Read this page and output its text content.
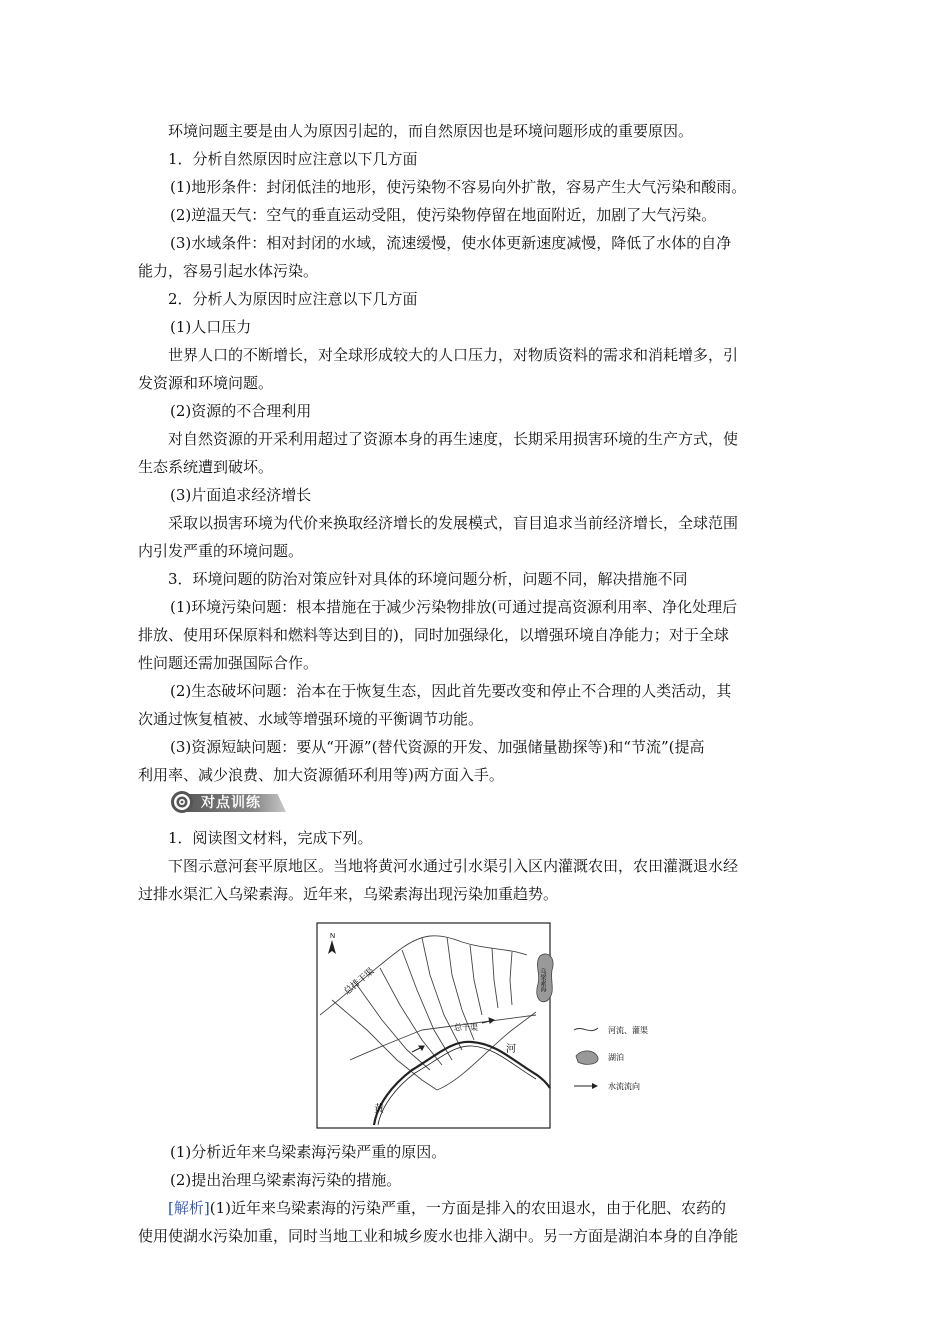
环境问题主要是由人为原因引起的，而自然原因也是环境问题形成的重要原因。
1．分析自然原因时应注意以下几方面
(1)地形条件：封闭低洼的地形，使污染物不容易向外扩散，容易产生大气污染和酸雨。
(2)逆温天气：空气的垂直运动受阻，使污染物停留在地面附近，加剧了大气污染。
(3)水域条件：相对封闭的水域，流速缓慢，使水体更新速度减慢，降低了水体的自净
能力，容易引起水体污染。
2．分析人为原因时应注意以下几方面
(1)人口压力
世界人口的不断增长，对全球形成较大的人口压力，对物质资料的需求和消耗增多，引
发资源和环境问题。
(2)资源的不合理利用
对自然资源的开采利用超过了资源本身的再生速度，长期采用损害环境的生产方式，使
生态系统遭到破坏。
(3)片面追求经济增长
采取以损害环境为代价来换取经济增长的发展模式，盲目追求当前经济增长，全球范围
内引发严重的环境问题。
3．环境问题的防治对策应针对具体的环境问题分析，问题不同，解决措施不同
(1)环境污染问题：根本措施在于减少污染物排放(可通过提高资源利用率、净化处理后
排放、使用环保原料和燃料等达到目的)，同时加强绿化，以增强环境自净能力；对于全球
性问题还需加强国际合作。
(2)生态破坏问题：治本在于恢复生态，因此首先要改变和停止不合理的人类活动，其
次通过恢复植被、水域等增强环境的平衡调节功能。
(3)资源短缺问题：要从“开源”(替代资源的开发、加强储量勘探等)和“节流”(提高
利用率、减少浪费、加大资源循环利用等)两方面入手。
对点训练
1．阅读图文材料，完成下列。
下图示意河套平原地区。当地将黄河水通过引水渠引入区内灌溉农田，农田灌溉退水经
过排水渠汇入乌梁素海。近年来，乌梁素海出现污染加重趋势。
N
乌梁素海
总排干渠
总干渠
黄
河
河流、灌渠
湖泊
水流流向
(1)分析近年来乌梁素海污染严重的原因。
(2)提出治理乌梁素海污染的措施。
[解析](1)近年来乌梁素海的污染严重，一方面是排入的农田退水，由于化肥、农药的
使用使湖水污染加重，同时当地工业和城乡废水也排入湖中。另一方面是湖泊本身的自净能
